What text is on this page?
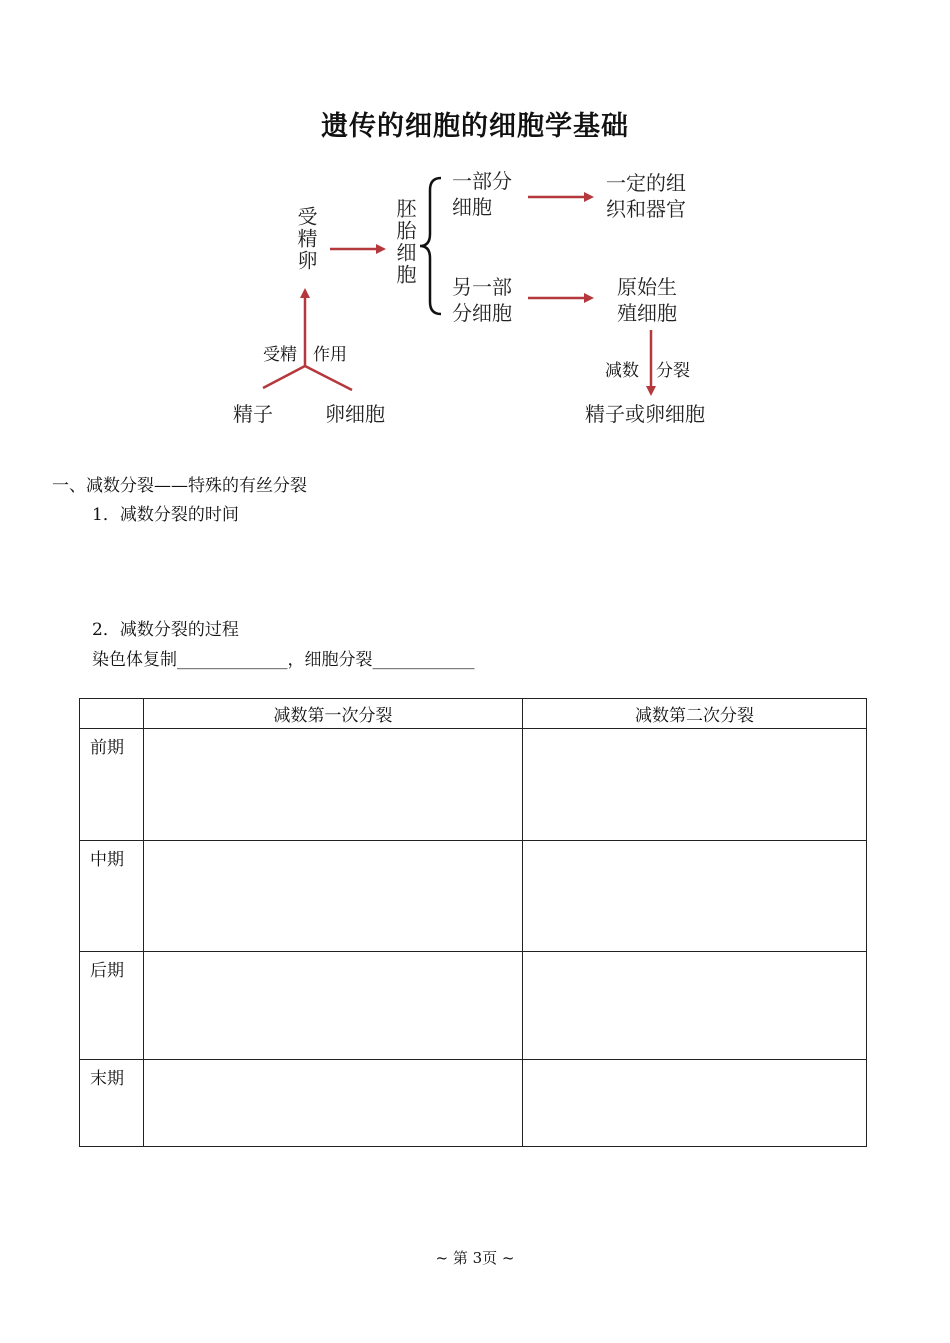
遗传的细胞的细胞学基础
受精卵	胚胎细胞
一部分
细胞
一定的组
织和器官
另一部
分细胞
原始生
殖细胞
受精 作用
精子	卵细胞
减数 分裂
精子或卵细胞
一、减数分裂——特殊的有丝分裂
1．减数分裂的时间
2．减数分裂的过程
染色体复制_____________，细胞分裂____________
	减数第一次分裂	减数第二次分裂
前期		
中期		
后期		
末期		
~ 第 3页 ~
